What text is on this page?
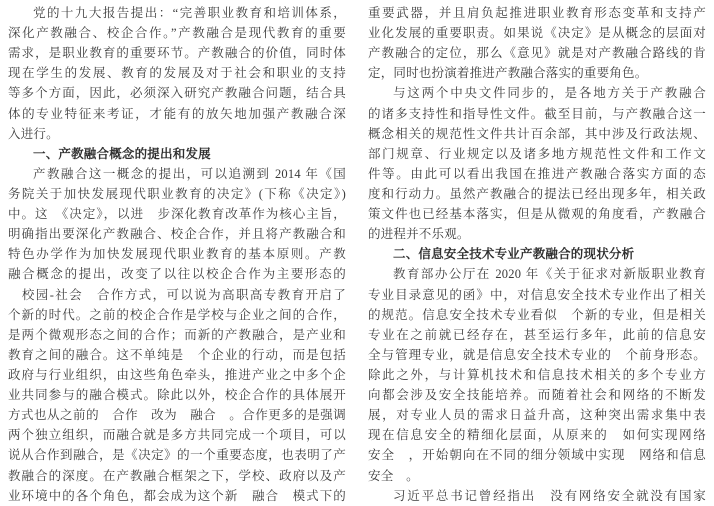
党的十九大报告提出：“完善职业教育和培训体系，
深化产教融合、校企合作。”产教融合是现代教育的重要
需求，是职业教育的重要环节。产教融合的价值，同时体
现在学生的发展、教育的发展及对于社会和职业的支持
等多个方面，因此，必须深入研究产教融合问题，结合具
体的专业特征来考证，才能有的放矢地加强产教融合深
入进行。
一、产教融合概念的提出和发展
产教融合这一概念的提出，可以追溯到 2014 年《国
务院关于加快发展现代职业教育的决定》(下称《决定》)
中。这　《决定》，以进　步深化教育改革作为核心主旨，
明确指出要深化产教融合、校企合作，并且将产教融合和
特色办学作为加快发展现代职业教育的基本原则。产教
融合概念的提出，改变了以往以校企合作为主要形态的
　校园-社会　合作方式，可以说为高职高专教育开启了
个新的时代。之前的校企合作是学校与企业之间的合作，
是两个微观形态之间的合作；而新的产教融合，是产业和
教育之间的融合。这不单纯是　个企业的行动，而是包括
政府与行业组织，由这些角色牵头，推进产业之中多个企
业共同参与的融合模式。除此以外，校企合作的具体展开
方式也从之前的　合作　改为　融合　。合作更多的是强调
两个独立组织，而融合就是多方共同完成一个项目，可以
说从合作到融合，是《决定》的一个重要态度，也表明了产
教融合的深度。在产教融合框架之下，学校、政府以及产
业环境中的各个角色，都会成为这个新　融合　模式下的
重要武器，并且肩负起推进职业教育形态变革和支持产
业化发展的重要职责。如果说《决定》是从概念的层面对
产教融合的定位，那么《意见》就是对产教融合路线的肯
定，同时也扮演着推进产教融合落实的重要角色。
与这两个中央文件同步的，是各地方关于产教融合
的诸多支持性和指导性文件。截至目前，与产教融合这一
概念相关的规范性文件共计百余部，其中涉及行政法规、
部门规章、行业规定以及诸多地方规范性文件和工作文
件等。由此可以看出我国在推进产教融合落实方面的态
度和行动力。虽然产教融合的提法已经出现多年，相关政
策文件也已经基本落实，但是从微观的角度看，产教融合
的进程并不乐观。
二、信息安全技术专业产教融合的现状分析
教育部办公厅在 2020 年《关于征求对新版职业教育
专业目录意见的函》中，对信息安全技术专业作出了相关
的规范。信息安全技术专业看似　个新的专业，但是相关
专业在之前就已经存在，甚至运行多年，此前的信息安
全与管理专业，就是信息安全技术专业的　个前身形态。
除此之外，与计算机技术和信息技术相关的多个专业方
向都会涉及安全技能培养。而随着社会和网络的不断发
展，对专业人员的需求日益升高，这种突出需求集中表
现在信息安全的精细化层面，从原来的　如何实现网络
安全　，开始朝向在不同的细分领域中实现　网络和信息
安全　。
习近平总书记曾经指出　没有网络安全就没有国家
